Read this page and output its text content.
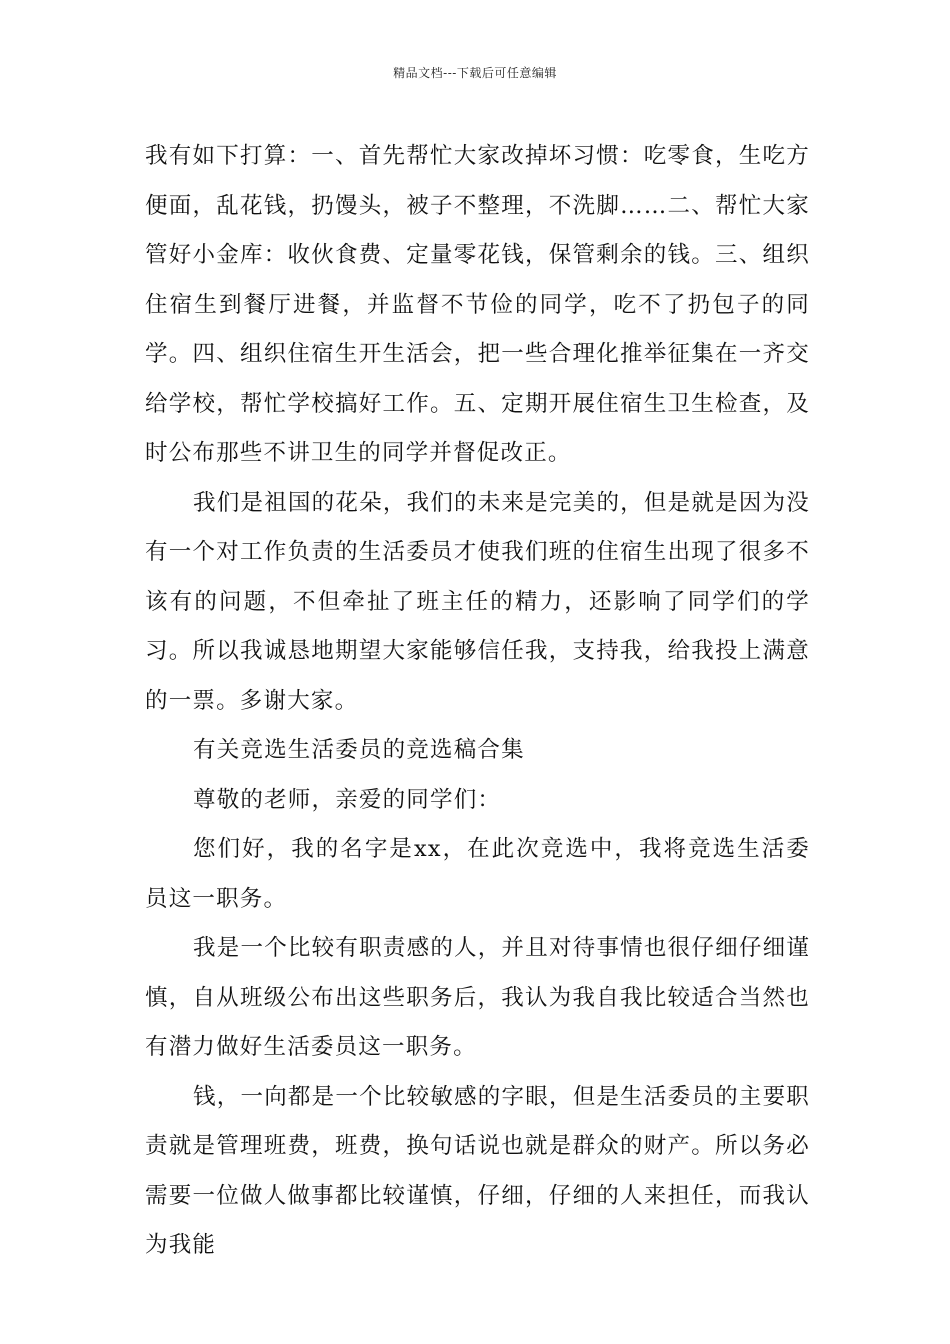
精品文档---下载后可任意编辑

我有如下打算：一、首先帮忙大家改掉坏习惯：吃零食，生吃方便面，乱花钱，扔馒头，被子不整理，不洗脚……二、帮忙大家管好小金库：收伙食费、定量零花钱，保管剩余的钱。三、组织住宿生到餐厅进餐，并监督不节俭的同学，吃不了扔包子的同学。四、组织住宿生开生活会，把一些合理化推举征集在一齐交给学校，帮忙学校搞好工作。五、定期开展住宿生卫生检查，及时公布那些不讲卫生的同学并督促改正。

我们是祖国的花朵，我们的未来是完美的，但是就是因为没有一个对工作负责的生活委员才使我们班的住宿生出现了很多不该有的问题，不但牵扯了班主任的精力，还影响了同学们的学习。所以我诚恳地期望大家能够信任我，支持我，给我投上满意的一票。多谢大家。

有关竞选生活委员的竞选稿合集

尊敬的老师，亲爱的同学们：

您们好，我的名字是xx，在此次竞选中，我将竞选生活委员这一职务。

我是一个比较有职责感的人，并且对待事情也很仔细仔细谨慎，自从班级公布出这些职务后，我认为我自我比较适合当然也有潜力做好生活委员这一职务。

钱，一向都是一个比较敏感的字眼，但是生活委员的主要职责就是管理班费，班费，换句话说也就是群众的财产。所以务必需要一位做人做事都比较谨慎，仔细，仔细的人来担任，而我认为我能
